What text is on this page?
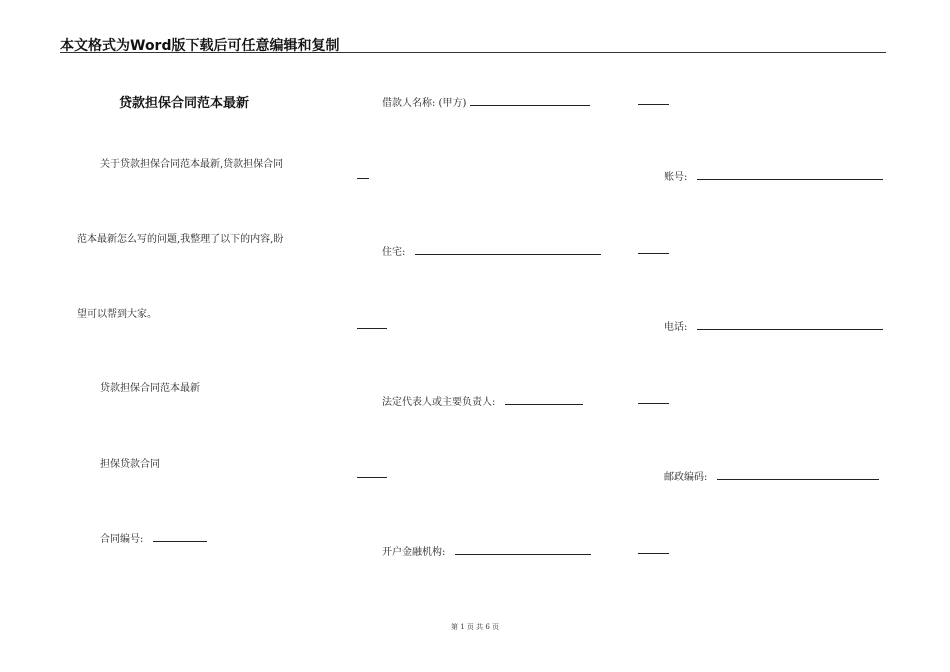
本文格式为Word版下载后可任意编辑和复制
贷款担保合同范本最新
关于贷款担保合同范本最新,贷款担保合同
范本最新怎么写的问题,我整理了以下的内容,盼
望可以帮到大家。
贷款担保合同范本最新
担保贷款合同
合同编号:
借款人名称: (甲方)
住宅:
法定代表人或主要负责人:
开户金融机构:
账号:
电话:
邮政编码:
第 1 页 共 6 页
